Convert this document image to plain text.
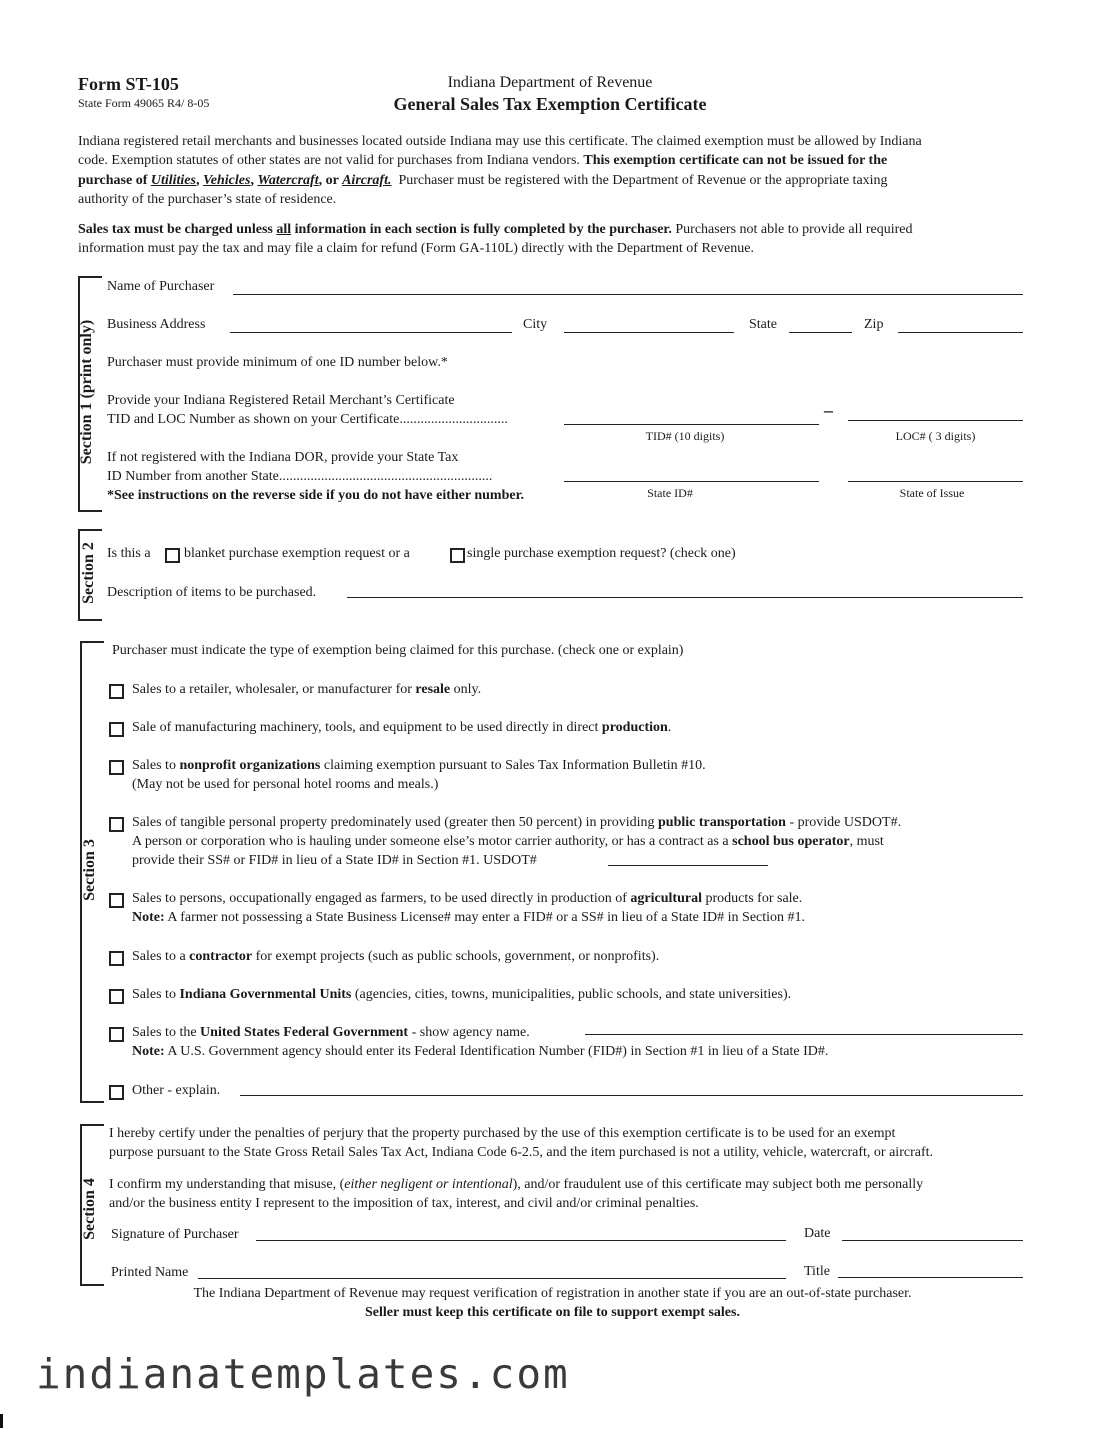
Form ST-105
State Form 49065 R4/ 8-05
Indiana Department of Revenue
General Sales Tax Exemption Certificate
Indiana registered retail merchants and businesses located outside Indiana may use this certificate. The claimed exemption must be allowed by Indiana
code. Exemption statutes of other states are not valid for purchases from Indiana vendors. This exemption certificate can not be issued for the
purchase of Utilities, Vehicles, Watercraft, or Aircraft. Purchaser must be registered with the Department of Revenue or the appropriate taxing
authority of the purchaser’s state of residence.
Sales tax must be charged unless all information in each section is fully completed by the purchaser. Purchasers not able to provide all required
information must pay the tax and may file a claim for refund (Form GA-110L) directly with the Department of Revenue.
Section 1 (print only)
Name of Purchaser
Business Address	City	State	Zip
Purchaser must provide minimum of one ID number below.*
Provide your Indiana Registered Retail Merchant’s Certificate
TID and LOC Number as shown on your Certificate...............................	–
TID# (10 digits)	LOC# ( 3 digits)
If not registered with the Indiana DOR, provide your State Tax
ID Number from another State.............................................................
*See instructions on the reverse side if you do not have either number.	State ID#	State of Issue
Section 2 Is this a blanket purchase exemption request or a	single purchase exemption request? (check one)
Description of items to be purchased.
Section 3
Purchaser must indicate the type of exemption being claimed for this purchase. (check one or explain)
Sales to a retailer, wholesaler, or manufacturer for resale only.
Sale of manufacturing machinery, tools, and equipment to be used directly in direct production.
Sales to nonprofit organizations claiming exemption pursuant to Sales Tax Information Bulletin #10.
(May not be used for personal hotel rooms and meals.)
Sales of tangible personal property predominately used (greater then 50 percent) in providing public transportation - provide USDOT#.
A person or corporation who is hauling under someone else’s motor carrier authority, or has a contract as a school bus operator, must
provide their SS# or FID# in lieu of a State ID# in Section #1. USDOT#
Sales to persons, occupationally engaged as farmers, to be used directly in production of agricultural products for sale.
Note: A farmer not possessing a State Business License# may enter a FID# or a SS# in lieu of a State ID# in Section #1.
Sales to a contractor for exempt projects (such as public schools, government, or nonprofits).
Sales to Indiana Governmental Units (agencies, cities, towns, municipalities, public schools, and state universities).
Sales to the United States Federal Government - show agency name.
Note: A U.S. Government agency should enter its Federal Identification Number (FID#) in Section #1 in lieu of a State ID#.
Other - explain.
Section 4
I hereby certify under the penalties of perjury that the property purchased by the use of this exemption certificate is to be used for an exempt
purpose pursuant to the State Gross Retail Sales Tax Act, Indiana Code 6-2.5, and the item purchased is not a utility, vehicle, watercraft, or aircraft.
I confirm my understanding that misuse, (either negligent or intentional), and/or fraudulent use of this certificate may subject both me personally
and/or the business entity I represent to the imposition of tax, interest, and civil and/or criminal penalties.
Signature of Purchaser	Date
Printed Name	Title
The Indiana Department of Revenue may request verification of registration in another state if you are an out-of-state purchaser.
Seller must keep this certificate on file to support exempt sales.
indianatemplates.com
